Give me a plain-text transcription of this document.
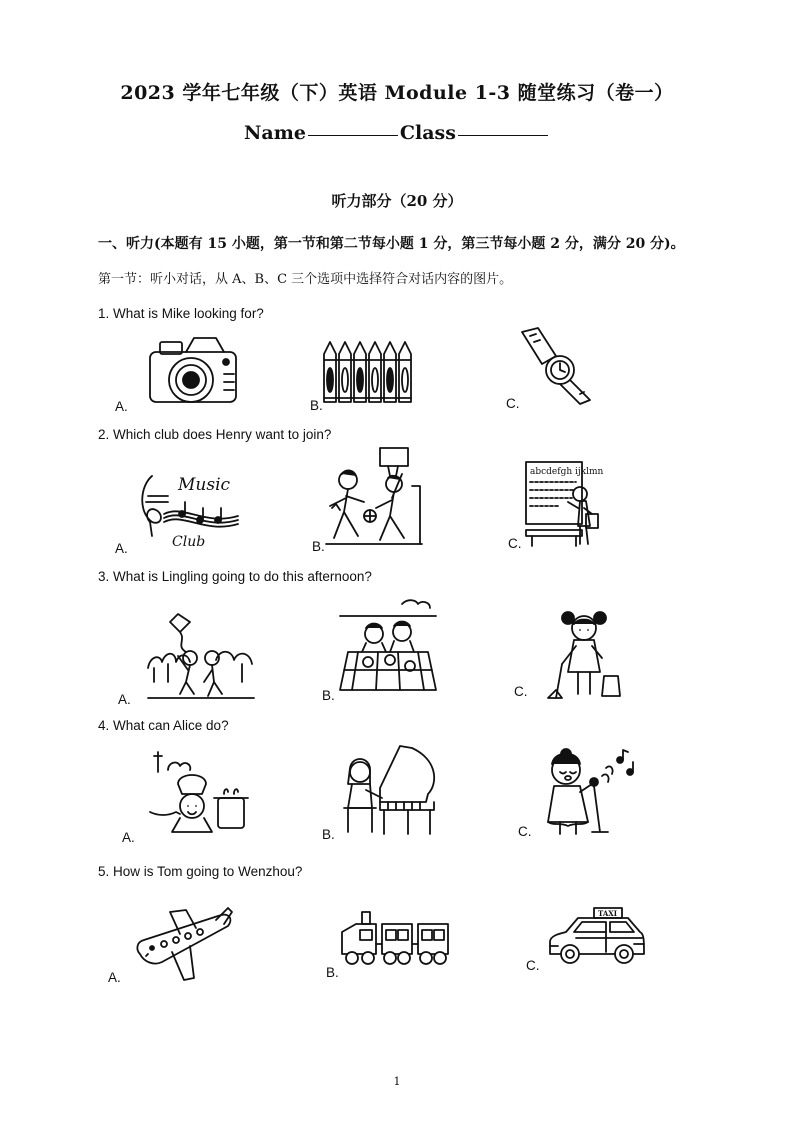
2023 学年七年级（下）英语 Module 1-3 随堂练习（卷一）
Name	Class
听力部分（20 分）
一、听力(本题有 15 小题，第一节和第二节每小题 1 分，第三节每小题 2 分，满分 20 分)。
第一节：听小对话，从 A、B、C 三个选项中选择符合对话内容的图片。
1. What is Mike looking for?
A.	B.	C.
2. Which club does Henry want to join?
A.	B.	C.
Music
Club
abcdefgh ijklmn
3. What is Lingling going to do this afternoon?
A.	B.	C.
4. What can Alice do?
A.	B.	C.
5. How is Tom going to Wenzhou?
A.	B.	C.
TAXI
1
